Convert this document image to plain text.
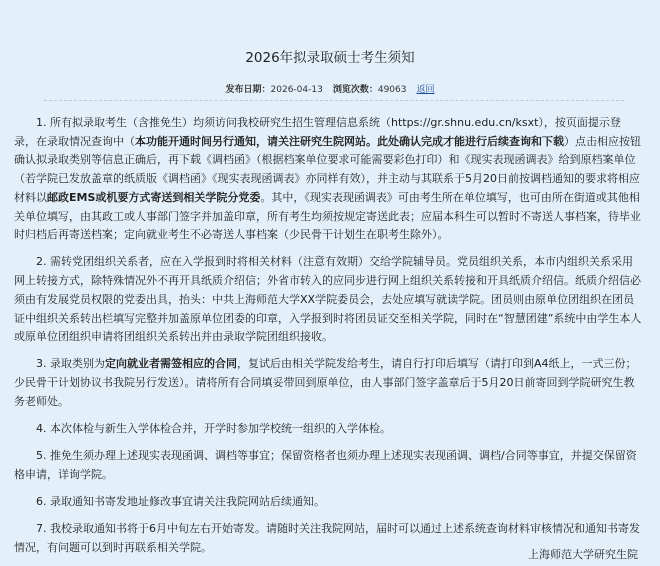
2026年拟录取硕士考生须知
发布日期：2026-04-13 浏览次数：49063 返回

1. 所有拟录取考生（含推免生）均须访问我校研究生招生管理信息系统（https://gr.shnu.edu.cn/ksxt），按页面提示登录，在录取情况查询中（本功能开通时间另行通知，请关注研究生院网站。此处确认完成才能进行后续查询和下载）点击相应按钮确认拟录取类别等信息正确后，再下载《调档函》（根据档案单位要求可能需要彩色打印）和《现实表现函调表》给到原档案单位（若学院已发放盖章的纸质版《调档函》《现实表现函调表》亦同样有效），并主动与其联系于5月20日前按调档通知的要求将相应材料以邮政EMS或机要方式寄送到相关学院分党委。其中，《现实表现函调表》可由考生所在单位填写，也可由所在街道或其他相关单位填写，由其政工或人事部门签字并加盖印章，所有考生均须按规定寄送此表；应届本科生可以暂时不寄送人事档案，待毕业时归档后再寄送档案；定向就业考生不必寄送人事档案（少民骨干计划生在职考生除外）。

2. 需转党团组织关系者，应在入学报到时将相关材料（注意有效期）交给学院辅导员。党员组织关系，本市内组织关系采用网上转接方式，除特殊情况外不再开具纸质介绍信；外省市转入的应同步进行网上组织关系转接和开具纸质介绍信。纸质介绍信必须由有发展党员权限的党委出具，抬头：中共上海师范大学XX学院委员会，去处应填写就读学院。团员则由原单位团组织在团员证中组织关系转出栏填写完整并加盖原单位团委的印章，入学报到时将团员证交至相关学院，同时在“智慧团建”系统中由学生本人或原单位团组织申请将团组织关系转出并由录取学院团组织接收。

3. 录取类别为定向就业者需签相应的合同，复试后由相关学院发给考生，请自行打印后填写（请打印到A4纸上，一式三份；少民骨干计划协议书我院另行发送）。请将所有合同填妥带回到原单位，由人事部门签字盖章后于5月20日前寄回到学院研究生教务老师处。

4. 本次体检与新生入学体检合并，开学时参加学校统一组织的入学体检。

5. 推免生须办理上述现实表现函调、调档等事宜；保留资格者也须办理上述现实表现函调、调档/合同等事宜，并提交保留资格申请，详询学院。

6. 录取通知书寄发地址修改事宜请关注我院网站后续通知。

7. 我校录取通知书将于6月中旬左右开始寄发。请随时关注我院网站，届时可以通过上述系统查询材料审核情况和通知书寄发情况，有问题可以到时再联系相关学院。

上海师范大学研究生院
